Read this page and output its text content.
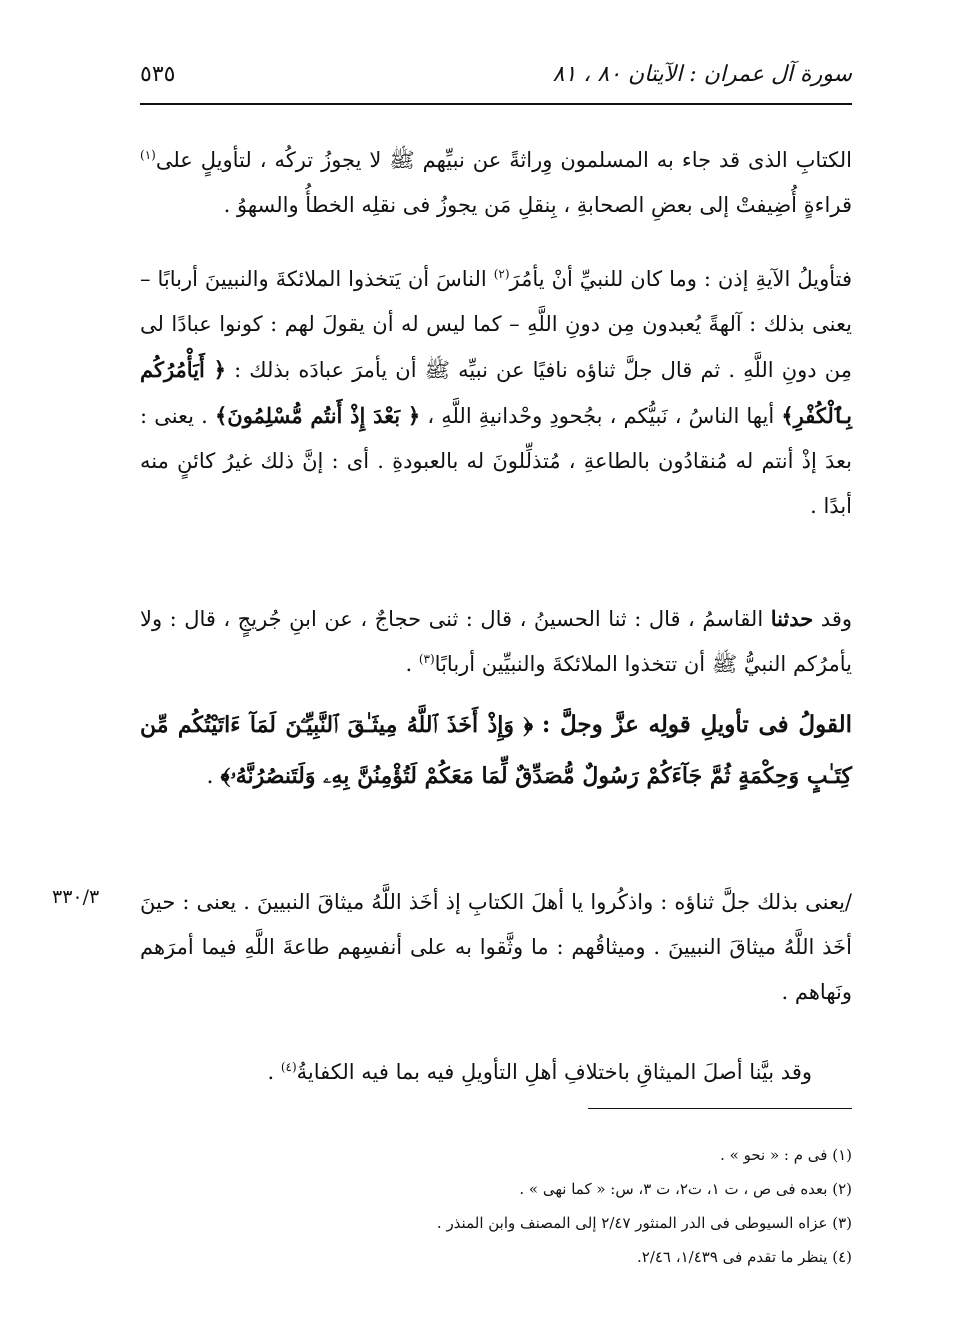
سورة آل عمران : الآيتان ٨٠ ، ٨١
٥٣٥
الكتابِ الذى قد جاء به المسلمون وِراثةً عن نبيِّهم ﷺ لا يجوزُ تركُه ، لتأويلٍ على$^{(١)}$ قراءةٍ أُضِيفتْ إلى بعضِ الصحابةِ ، بِنقلِ مَن يجوزُ فى نقلِه الخطأُ والسهوُ .
فتأويلُ الآيةِ إذن : وما كان للنبيِّ أنْ يأمُرَ$^{(٢)}$ الناسَ أن يَتخذوا الملائكةَ والنبيينَ أربابًا – يعنى بذلك : آلهةً يُعبدون مِن دونِ اللَّهِ – كما ليس له أن يقولَ لهم : كونوا عبادًا لى مِن دونِ اللَّهِ . ثم قال جلَّ ثناؤه نافيًا عن نبيِّه ﷺ أن يأمرَ عبادَه بذلك : ﴿ أَيَأْمُرُكُم بِٱلْكُفْرِ﴾ أيها الناسُ ، نَبيُّكم ، بجُحودِ وحْدانيةِ اللَّهِ ، ﴿ بَعْدَ إِذْ أَنتُم مُّسْلِمُونَ﴾ . يعنى : بعدَ إذْ أنتم له مُنقادُون بالطاعةِ ، مُتذلِّلونَ له بالعبودةِ . أى : إنَّ ذلك غيرُ كائنٍ منه أبدًا .
وقد حدثنا القاسمُ ، قال : ثنا الحسينُ ، قال : ثنى حجاجٌ ، عن ابنِ جُريجٍ ، قال : ولا يأمرُكم النبيُّ ﷺ أن تتخذوا الملائكةَ والنبيِّين أربابًا$^{(٣)}$ .
القولُ فى تأويلِ قولِه عزَّ وجلَّ : ﴿ وَإِذْ أَخَذَ ٱللَّهُ مِيثَـٰقَ ٱلنَّبِيِّـۧنَ لَمَآ ءَاتَيْتُكُم مِّن كِتَـٰبٍ وَحِكْمَةٍ ثُمَّ جَآءَكُمْ رَسُولٌ مُّصَدِّقٌ لِّمَا مَعَكُمْ لَتُؤْمِنُنَّ بِهِۦ وَلَتَنصُرُنَّهُۥ﴾ .
٣٣٠/٣ /يعنى بذلك جلَّ ثناؤه : واذكُروا يا أهلَ الكتابِ إذ أخَذ اللَّهُ ميثاقَ النبيينَ . يعنى : حينَ أخَذ اللَّهُ ميثاقَ النبيينَ . وميثاقُهم : ما وثَّقوا به على أنفسِهم طاعةَ اللَّهِ فيما أمرَهم ونَهاهم .
وقد بيَّنا أصلَ الميثاقِ باختلافِ أهلِ التأويلِ فيه بما فيه الكفايةُ$^{(٤)}$ .
(١) فى م : « نحو » .
(٢) بعده فى ص ، ت ١، ت٢، ت ٣، س: « كما نهى » .
(٣) عزاه السيوطى فى الدر المنثور ٢/٤٧ إلى المصنف وابن المنذر .
(٤) ينظر ما تقدم فى ١/٤٣٩، ٢/٤٦.
